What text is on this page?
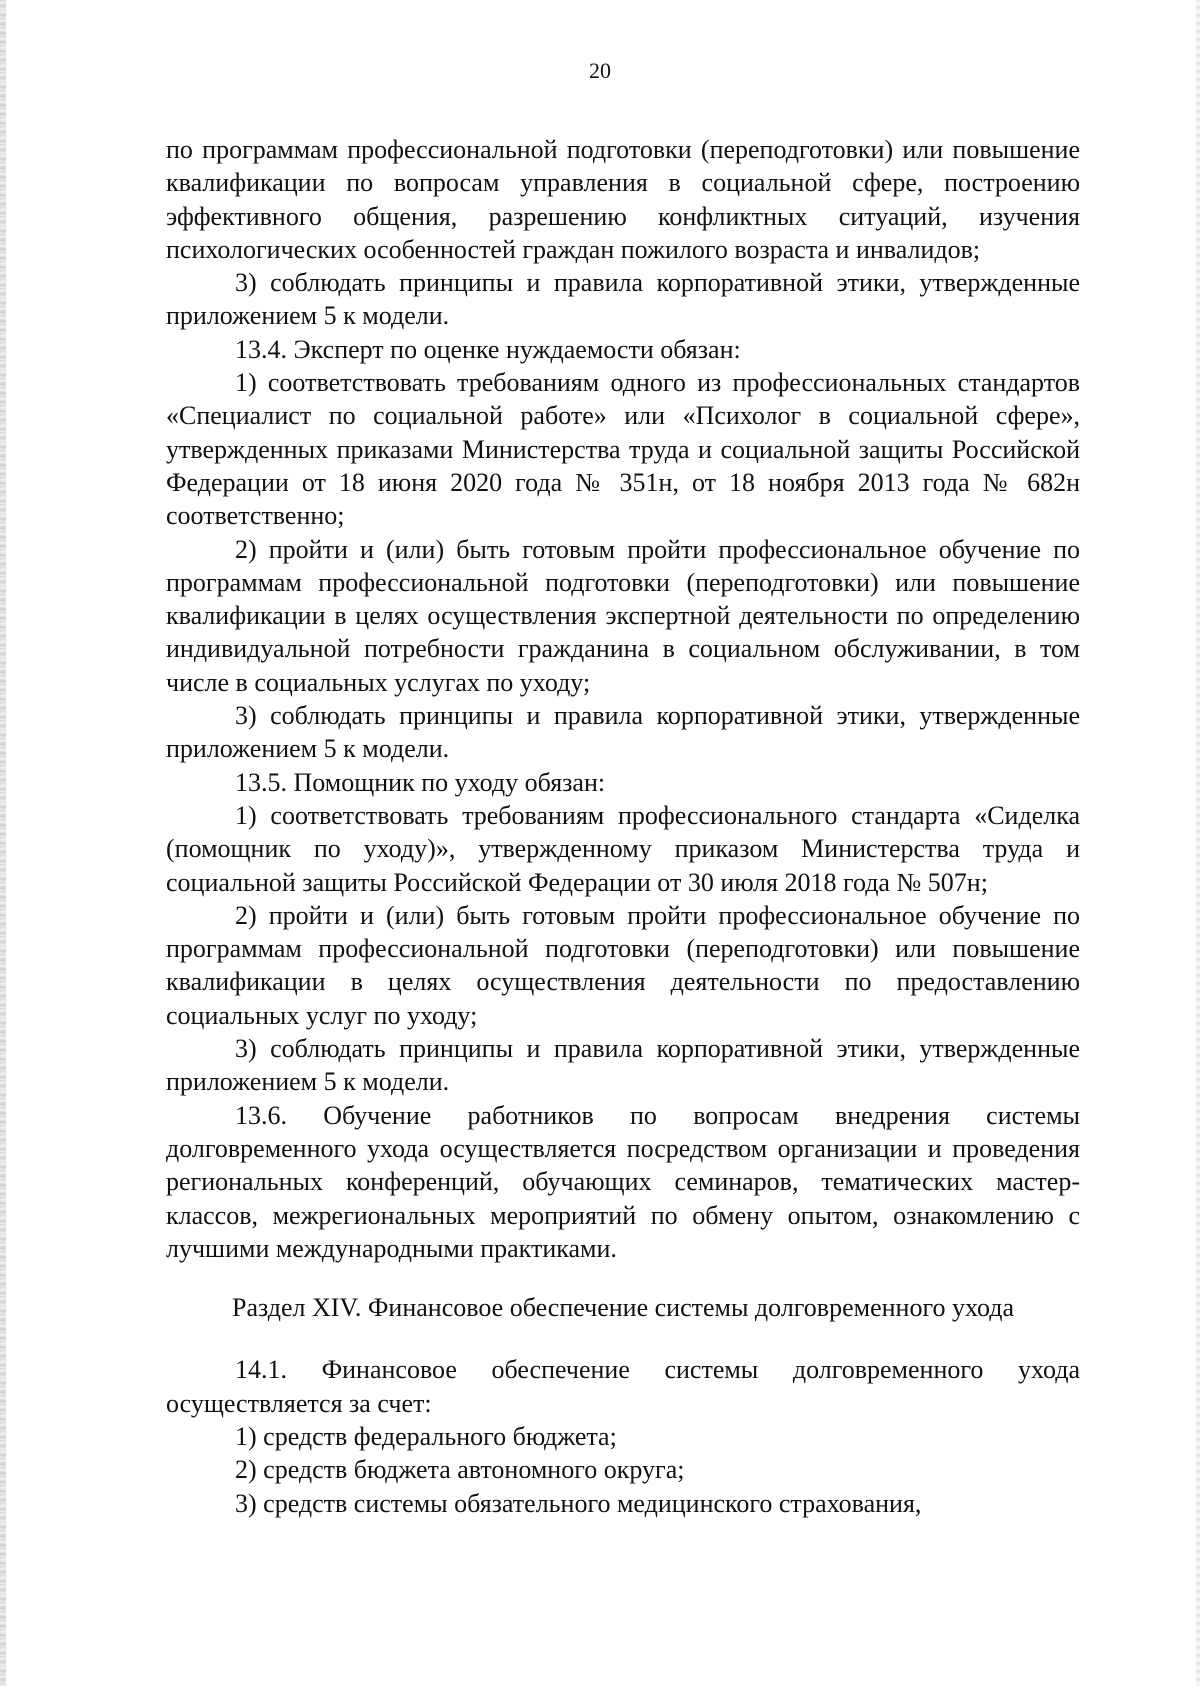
20

по программам профессиональной подготовки (переподготовки) или повышение квалификации по вопросам управления в социальной сфере, построению эффективного общения, разрешению конфликтных ситуаций, изучения психологических особенностей граждан пожилого возраста и инвалидов;

3) соблюдать принципы и правила корпоративной этики, утвержденные приложением 5 к модели.

13.4. Эксперт по оценке нуждаемости обязан:

1) соответствовать требованиям одного из профессиональных стандартов «Специалист по социальной работе» или «Психолог в социальной сфере», утвержденных приказами Министерства труда и социальной защиты Российской Федерации от 18 июня 2020 года № 351н, от 18 ноября 2013 года № 682н соответственно;

2) пройти и (или) быть готовым пройти профессиональное обучение по программам профессиональной подготовки (переподготовки) или повышение квалификации в целях осуществления экспертной деятельности по определению индивидуальной потребности гражданина в социальном обслуживании, в том числе в социальных услугах по уходу;

3) соблюдать принципы и правила корпоративной этики, утвержденные приложением 5 к модели.

13.5. Помощник по уходу обязан:

1) соответствовать требованиям профессионального стандарта «Сиделка (помощник по уходу)», утвержденному приказом Министерства труда и социальной защиты Российской Федерации от 30 июля 2018 года № 507н;

2) пройти и (или) быть готовым пройти профессиональное обучение по программам профессиональной подготовки (переподготовки) или повышение квалификации в целях осуществления деятельности по предоставлению социальных услуг по уходу;

3) соблюдать принципы и правила корпоративной этики, утвержденные приложением 5 к модели.

13.6. Обучение работников по вопросам внедрения системы долговременного ухода осуществляется посредством организации и проведения региональных конференций, обучающих семинаров, тематических мастер-классов, межрегиональных мероприятий по обмену опытом, ознакомлению с лучшими международными практиками.

Раздел XIV. Финансовое обеспечение системы долговременного ухода

14.1. Финансовое обеспечение системы долговременного ухода осуществляется за счет:

1) средств федерального бюджета;

2) средств бюджета автономного округа;

3) средств системы обязательного медицинского страхования,
